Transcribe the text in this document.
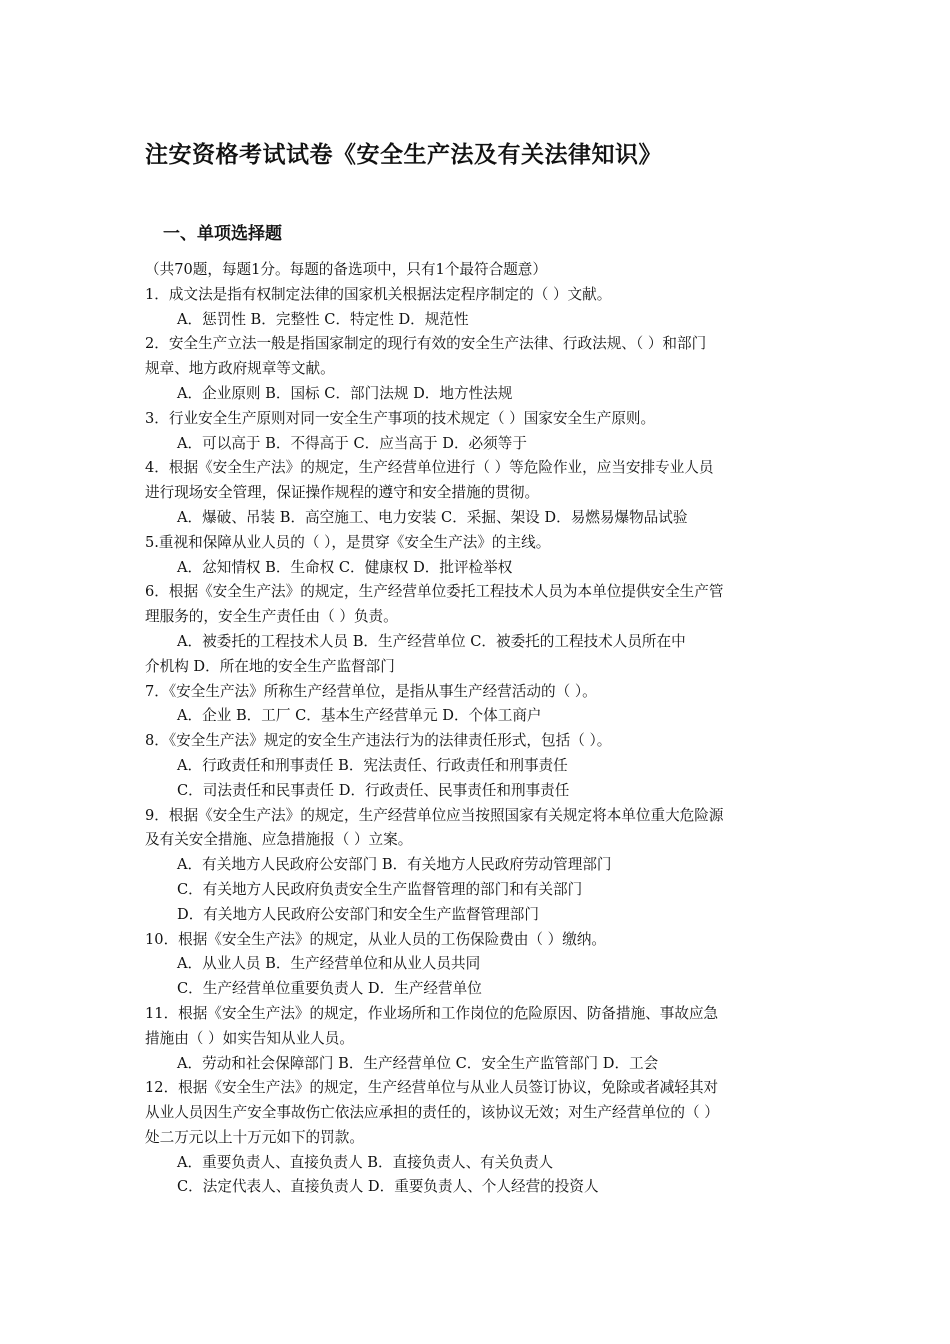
注安资格考试试卷《安全生产法及有关法律知识》
一、单项选择题
（共70题，每题1分。每题的备选项中，只有1个最符合题意）
1．成文法是指有权制定法律的国家机关根据法定程序制定的（ ）文献。
A．惩罚性 B．完整性 C．特定性 D．规范性
2．安全生产立法一般是指国家制定的现行有效的安全生产法律、行政法规、（ ）和部门
规章、地方政府规章等文献。
A．企业原则 B．国标 C．部门法规 D．地方性法规
3．行业安全生产原则对同一安全生产事项的技术规定（ ）国家安全生产原则。
A．可以高于 B．不得高于 C．应当高于 D．必须等于
4．根据《安全生产法》的规定，生产经营单位进行（ ）等危险作业，应当安排专业人员
进行现场安全管理，保证操作规程的遵守和安全措施的贯彻。
A．爆破、吊装 B．高空施工、电力安装 C．采掘、架设 D．易燃易爆物品试验
5.重视和保障从业人员的（ ），是贯穿《安全生产法》的主线。
A．忿知情权 B．生命权 C．健康权 D．批评检举权
6．根据《安全生产法》的规定，生产经营单位委托工程技术人员为本单位提供安全生产管
理服务的，安全生产责任由（ ）负责。
A．被委托的工程技术人员 B．生产经营单位 C．被委托的工程技术人员所在中
介机构 D．所在地的安全生产监督部门
7．《安全生产法》所称生产经营单位，是指从事生产经营活动的（ ）。
A．企业 B．工厂 C．基本生产经营单元 D．个体工商户
8．《安全生产法》规定的安全生产违法行为的法律责任形式，包括（ ）。
A．行政责任和刑事责任 B．宪法责任、行政责任和刑事责任
C．司法责任和民事责任 D．行政责任、民事责任和刑事责任
9．根据《安全生产法》的规定，生产经营单位应当按照国家有关规定将本单位重大危险源
及有关安全措施、应急措施报（ ）立案。
A．有关地方人民政府公安部门 B．有关地方人民政府劳动管理部门
C．有关地方人民政府负责安全生产监督管理的部门和有关部门
D．有关地方人民政府公安部门和安全生产监督管理部门
10．根据《安全生产法》的规定，从业人员的工伤保险费由（ ）缴纳。
A．从业人员 B．生产经营单位和从业人员共同
C．生产经营单位重要负责人 D．生产经营单位
11．根据《安全生产法》的规定，作业场所和工作岗位的危险原因、防备措施、事故应急
措施由（ ）如实告知从业人员。
A．劳动和社会保障部门 B．生产经营单位 C．安全生产监管部门 D．工会
12．根据《安全生产法》的规定，生产经营单位与从业人员签订协议，免除或者减轻其对
从业人员因生产安全事故伤亡依法应承担的责任的，该协议无效；对生产经营单位的（ ）
处二万元以上十万元如下的罚款。
A．重要负责人、直接负责人 B．直接负责人、有关负责人
C．法定代表人、直接负责人 D．重要负责人、个人经营的投资人
